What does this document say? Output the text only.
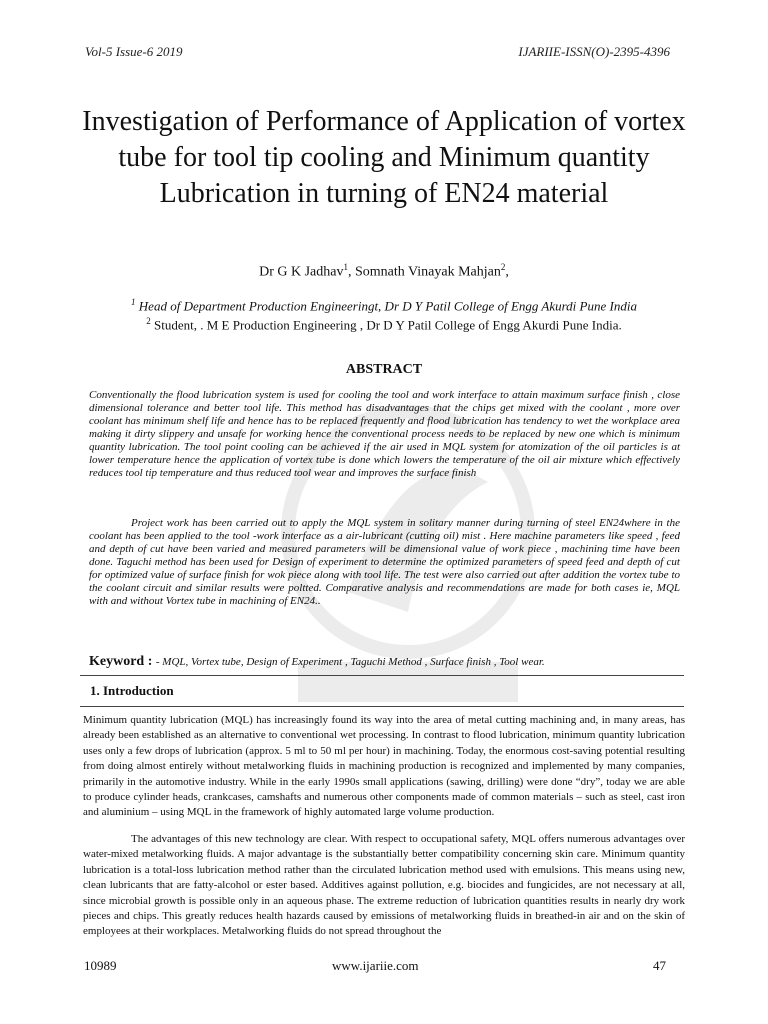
Vol-5 Issue-6 2019	IJARIIE-ISSN(O)-2395-4396
Investigation of Performance of Application of vortex tube for tool tip cooling and Minimum quantity Lubrication in turning of EN24 material
Dr G K Jadhav$^1$, Somnath Vinayak Mahjan$^2$,
$^1$ Head of Department Production Engineeringt, Dr D Y Patil College of Engg Akurdi Pune India
$^2$ Student, . M E Production Engineering , Dr D Y Patil College of Engg Akurdi Pune India.
ABSTRACT
Conventionally the flood lubrication system is used for cooling the tool and work interface to attain maximum surface finish , close dimensional tolerance and better tool life. This method has disadvantages that the chips get mixed with the coolant , more over coolant has minimum shelf life and hence has to be replaced frequently and flood lubrication has tendency to wet the workplace area making it dirty slippery and unsafe for working hence the conventional process needs to be replaced by new one which is minimum quantity lubrication. The tool point cooling can be achieved if the air used in MQL system for atomization of the oil particles is at lower temperature hence the application of vortex tube is done which lowers the temperature of the oil air mixture which effectively reduces tool tip temperature and thus reduced tool wear and improves the surface finish
Project work has been carried out to apply the MQL system in solitary manner during turning of steel EN24where in the coolant has been applied to the tool -work interface as a air-lubricant (cutting oil) mist . Here machine parameters like speed , feed and depth of cut have been varied and measured parameters will be dimensional value of work piece , machining time have been done. Taguchi method has been used for Design of experiment to determine the optimized parameters of speed feed and depth of cut for optimized value of surface finish for wok piece along with tool life. The test were also carried out after addition the vortex tube to the coolant circuit and similar results were poltted. Comparative analysis and recommendations are made for both cases ie, MQL with and without Vortex tube in machining of EN24..
Keyword : - MQL, Vortex tube, Design of Experiment , Taguchi Method , Surface finish , Tool wear.
1. Introduction
Minimum quantity lubrication (MQL) has increasingly found its way into the area of metal cutting machining and, in many areas, has already been established as an alternative to conventional wet processing. In contrast to flood lubrication, minimum quantity lubrication uses only a few drops of lubrication (approx. 5 ml to 50 ml per hour) in machining. Today, the enormous cost-saving potential resulting from doing almost entirely without metalworking fluids in machining production is recognized and implemented by many companies, primarily in the automotive industry. While in the early 1990s small applications (sawing, drilling) were done “dry”, today we are able to produce cylinder heads, crankcases, camshafts and numerous other components made of common materials – such as steel, cast iron and aluminium – using MQL in the framework of highly automated large volume production.
The advantages of this new technology are clear. With respect to occupational safety, MQL offers numerous advantages over water-mixed metalworking fluids. A major advantage is the substantially better compatibility concerning skin care. Minimum quantity lubrication is a total-loss lubrication method rather than the circulated lubrication method used with emulsions. This means using new, clean lubricants that are fatty-alcohol or ester based. Additives against pollution, e.g. biocides and fungicides, are not necessary at all, since microbial growth is possible only in an aqueous phase. The extreme reduction of lubrication quantities results in nearly dry work pieces and chips. This greatly reduces health hazards caused by emissions of metalworking fluids in breathed-in air and on the skin of employees at their workplaces. Metalworking fluids do not spread throughout the
10989	www.ijariie.com	47
